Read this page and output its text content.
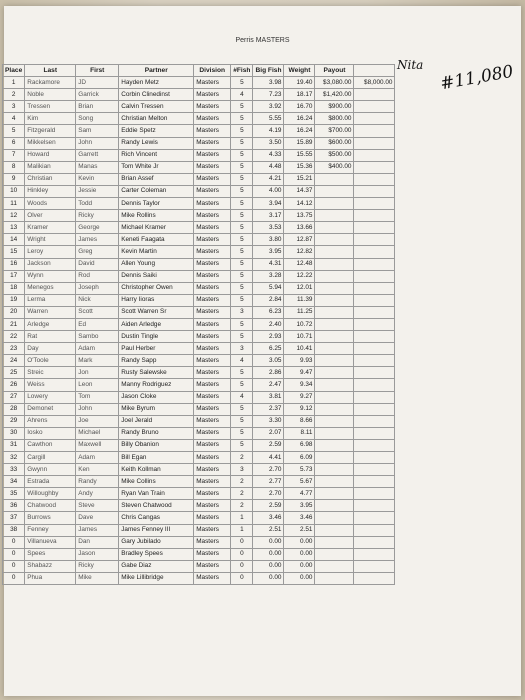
Perris MASTERS
Place	Last	First	Partner	Division	#Fish	Big Fish	Weight	Payout	
1	Rackamore	JD	Hayden Metz	Masters	5	3.98	19.40	$3,080.00	$8,000.00
2	Noble	Garrick	Corbin Clinedinst	Masters	4	7.23	18.17	$1,420.00	
3	Tressen	Brian	Calvin Tressen	Masters	5	3.92	16.70	$900.00	
4	Kim	Song	Christian Melton	Masters	5	5.55	16.24	$800.00	
5	Fitzgerald	Sam	Eddie Spetz	Masters	5	4.19	16.24	$700.00	
6	Mikkelsen	John	Randy Lewis	Masters	5	3.50	15.89	$600.00	
7	Howard	Garrett	Rich Vincent	Masters	5	4.33	15.55	$500.00	
8	Malikian	Manas	Tom White Jr	Masters	5	4.48	15.36	$400.00	
9	Christian	Kevin	Brian Assef	Masters	5	4.21	15.21		
10	Hinkley	Jessie	Carter Coleman	Masters	5	4.00	14.37		
11	Woods	Todd	Dennis Taylor	Masters	5	3.94	14.12		
12	Olver	Ricky	Mike Rollins	Masters	5	3.17	13.75		
13	Kramer	George	Michael Kramer	Masters	5	3.53	13.66		
14	Wright	James	Keneti Faagata	Masters	5	3.80	12.87		
15	Leroy	Greg	Kevin Martin	Masters	5	3.95	12.82		
16	Jackson	David	Allen Young	Masters	5	4.31	12.48		
17	Wynn	Rod	Dennis Saiki	Masters	5	3.28	12.22		
18	Menegos	Joseph	Christopher Owen	Masters	5	5.94	12.01		
19	Lerma	Nick	Harry Iioras	Masters	5	2.84	11.39		
20	Warren	Scott	Scott Warren Sr	Masters	3	6.23	11.25		
21	Arledge	Ed	Aiden Arledge	Masters	5	2.40	10.72		
22	Rat	Sambo	Dustin Tingle	Masters	5	2.93	10.71		
23	Day	Adam	Paul Herber	Masters	3	6.25	10.41		
24	O'Toole	Mark	Randy Sapp	Masters	4	3.05	9.93		
25	Streic	Jon	Rusty Salewske	Masters	5	2.86	9.47		
26	Weiss	Leon	Manny Rodriguez	Masters	5	2.47	9.34		
27	Lowery	Tom	Jason Cloke	Masters	4	3.81	9.27		
28	Demonet	John	Mike Byrum	Masters	5	2.37	9.12		
29	Ahrens	Joe	Joel Jerald	Masters	5	3.30	8.66		
30	Iosko	Michael	Randy Bruno	Masters	5	2.07	8.11		
31	Cawthon	Maxwell	Billy Obanion	Masters	5	2.59	6.98		
32	Cargill	Adam	Bill Egan	Masters	2	4.41	6.09		
33	Gwynn	Ken	Keith Kollman	Masters	3	2.70	5.73		
34	Estrada	Randy	Mike Collins	Masters	2	2.77	5.67		
35	Willoughby	Andy	Ryan Van Train	Masters	2	2.70	4.77		
36	Chatwood	Steve	Steven Chatwood	Masters	2	2.59	3.95		
37	Burrows	Dave	Chris Cangas	Masters	1	3.46	3.46		
38	Fenney	James	James Fenney III	Masters	1	2.51	2.51		
0	Villanueva	Dan	Gary Jubilado	Masters	0	0.00	0.00		
0	Spees	Jason	Bradley Spees	Masters	0	0.00	0.00		
0	Shabazz	Ricky	Gabe Diaz	Masters	0	0.00	0.00		
0	Phua	Mike	Mike Lillibridge	Masters	0	0.00	0.00		
Nita #11,080
